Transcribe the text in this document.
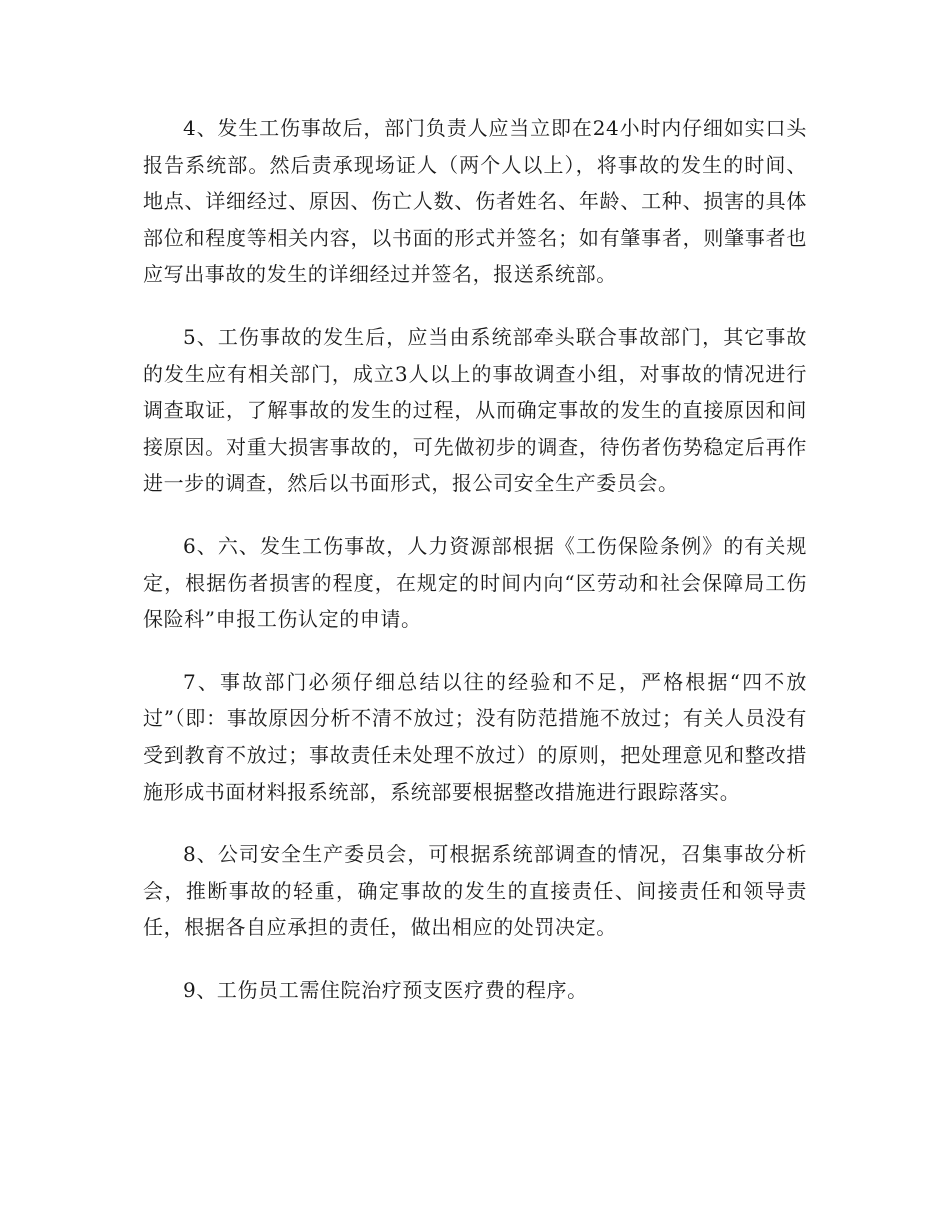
4、发生工伤事故后，部门负责人应当立即在24小时内仔细如实口头报告系统部。然后责承现场证人（两个人以上），将事故的发生的时间、地点、详细经过、原因、伤亡人数、伤者姓名、年龄、工种、损害的具体部位和程度等相关内容，以书面的形式并签名；如有肇事者，则肇事者也应写出事故的发生的详细经过并签名，报送系统部。

5、工伤事故的发生后，应当由系统部牵头联合事故部门，其它事故的发生应有相关部门，成立3人以上的事故调查小组，对事故的情况进行调查取证，了解事故的发生的过程，从而确定事故的发生的直接原因和间接原因。对重大损害事故的，可先做初步的调查，待伤者伤势稳定后再作进一步的调查，然后以书面形式，报公司安全生产委员会。

6、六、发生工伤事故，人力资源部根据《工伤保险条例》的有关规定，根据伤者损害的程度，在规定的时间内向“区劳动和社会保障局工伤保险科”申报工伤认定的申请。

7、事故部门必须仔细总结以往的经验和不足，严格根据“四不放过”（即：事故原因分析不清不放过；没有防范措施不放过；有关人员没有受到教育不放过；事故责任未处理不放过）的原则，把处理意见和整改措施形成书面材料报系统部，系统部要根据整改措施进行跟踪落实。

8、公司安全生产委员会，可根据系统部调查的情况，召集事故分析会，推断事故的轻重，确定事故的发生的直接责任、间接责任和领导责任，根据各自应承担的责任，做出相应的处罚决定。

9、工伤员工需住院治疗预支医疗费的程序。
